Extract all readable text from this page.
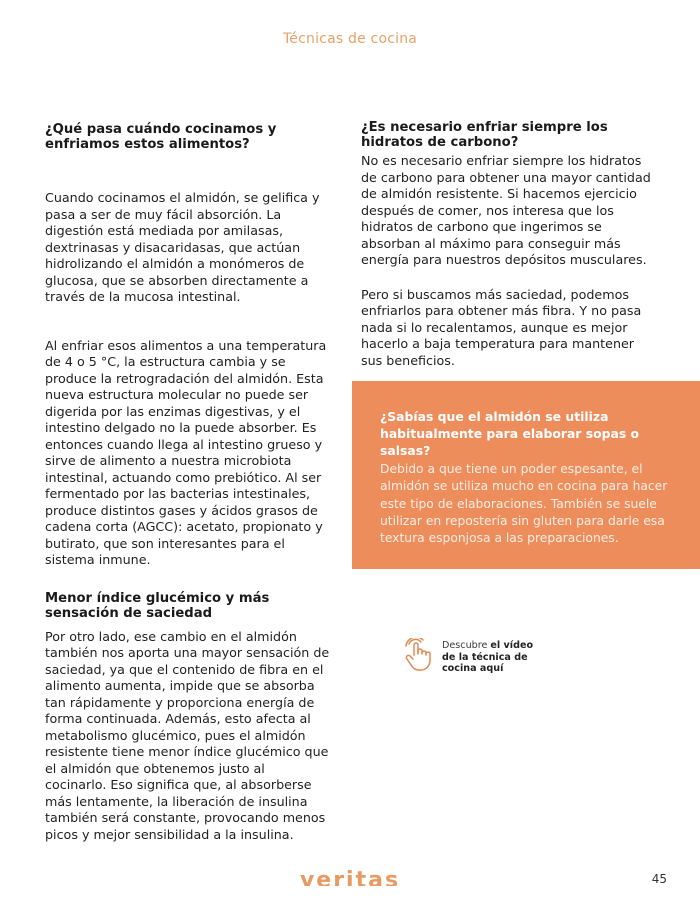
Técnicas de cocina
¿Qué pasa cuándo cocinamos y enfriamos estos alimentos?

Cuando cocinamos el almidón, se gelifica y pasa a ser de muy fácil absorción. La digestión está mediada por amilasas, dextrinasas y disacaridasas, que actúan hidrolizando el almidón a monómeros de glucosa, que se absorben directamente a través de la mucosa intestinal.

Al enfriar esos alimentos a una temperatura de 4 o 5 °C, la estructura cambia y se produce la retrogradación del almidón. Esta nueva estructura molecular no puede ser digerida por las enzimas digestivas, y el intestino delgado no la puede absorber. Es entonces cuando llega al intestino grueso y sirve de alimento a nuestra microbiota intestinal, actuando como prebiótico. Al ser fermentado por las bacterias intestinales, produce distintos gases y ácidos grasos de cadena corta (AGCC): acetato, propionato y butirato, que son interesantes para el sistema inmune.

Menor índice glucémico y más sensación de saciedad

Por otro lado, ese cambio en el almidón también nos aporta una mayor sensación de saciedad, ya que el contenido de fibra en el alimento aumenta, impide que se absorba tan rápidamente y proporciona energía de forma continuada. Además, esto afecta al metabolismo glucémico, pues el almidón resistente tiene menor índice glucémico que el almidón que obtenemos justo al cocinarlo. Eso significa que, al absorberse más lentamente, la liberación de insulina también será constante, provocando menos picos y mejor sensibilidad a la insulina.

¿Es necesario enfriar siempre los hidratos de carbono?

No es necesario enfriar siempre los hidratos de carbono para obtener una mayor cantidad de almidón resistente. Si hacemos ejercicio después de comer, nos interesa que los hidratos de carbono que ingerimos se absorban al máximo para conseguir más energía para nuestros depósitos musculares.

Pero si buscamos más saciedad, podemos enfriarlos para obtener más fibra. Y no pasa nada si lo recalentamos, aunque es mejor hacerlo a baja temperatura para mantener sus beneficios.

¿Sabías que el almidón se utiliza habitualmente para elaborar sopas o salsas?

Debido a que tiene un poder espesante, el almidón se utiliza mucho en cocina para hacer este tipo de elaboraciones. También se suele utilizar en repostería sin gluten para darle esa textura esponjosa a las preparaciones.

Descubre el vídeo de la técnica de cocina aquí
veritas	45
